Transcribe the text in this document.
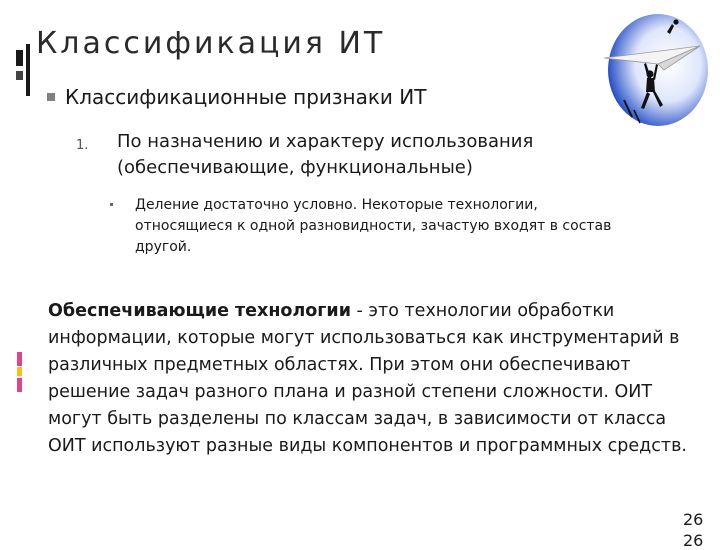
Классификация ИТ
Классификационные признаки ИТ
1. По назначению и характеру использования (обеспечивающие, функциональные)
Деление достаточно условно. Некоторые технологии, относящиеся к одной разновидности, зачастую входят в состав другой.
Обеспечивающие технологии - это технологии обработки информации, которые могут использоваться как инструментарий в различных предметных областях. При этом они обеспечивают решение задач разного плана и разной степени сложности. ОИТ могут быть разделены по классам задач, в зависимости от класса ОИТ используют разные виды компонентов и программных средств.
26
26
